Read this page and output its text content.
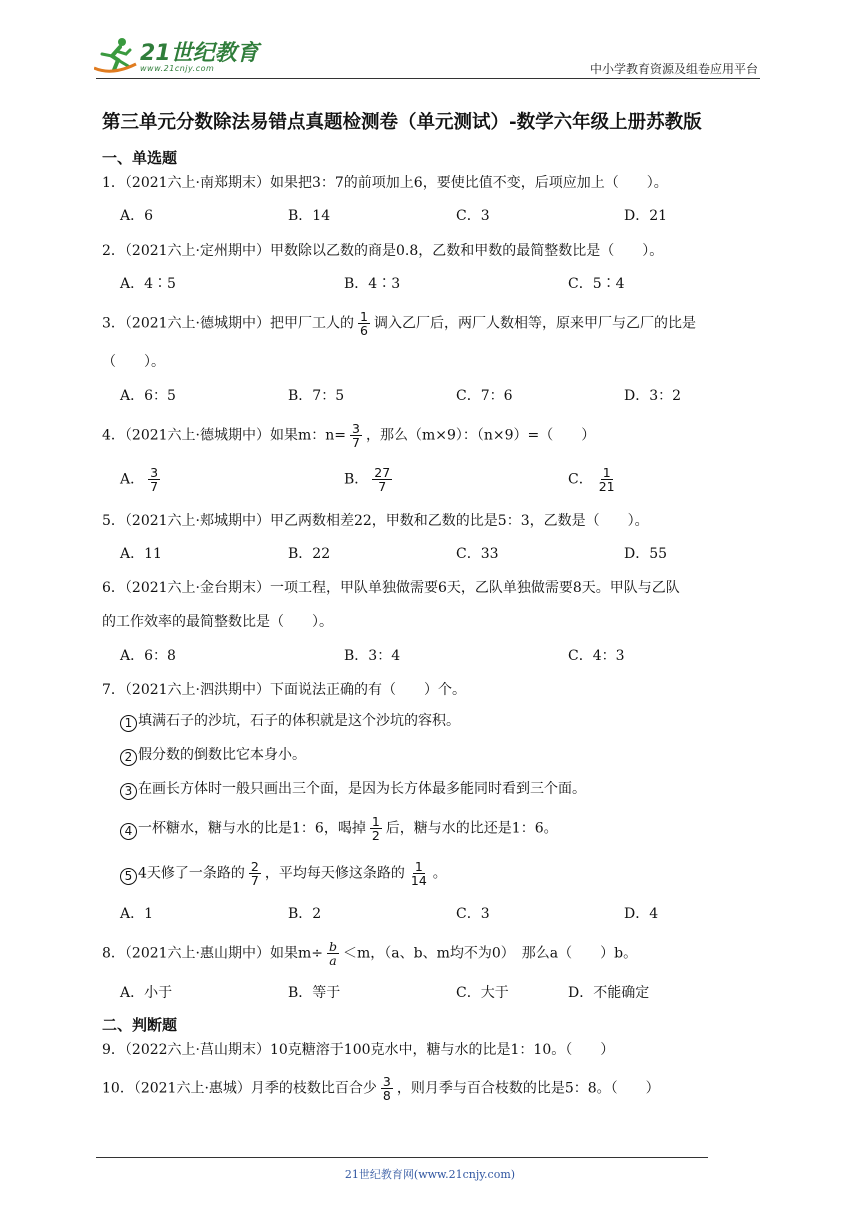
21世纪教育
www.21cnjy.com	中小学教育资源及组卷应用平台
第三单元分数除法易错点真题检测卷（单元测试）-数学六年级上册苏教版
一、单选题
1．（2021六上·南郑期末）如果把3：7的前项加上6，要使比值不变，后项应加上（　　）。
A．6	B．14	C．3	D．21
2．（2021六上·定州期中）甲数除以乙数的商是0.8，乙数和甲数的最简整数比是（　　）。
A．4∶5	B．4∶3	C．5∶4
3．（2021六上·德城期中）把甲厂工人的 $\frac{1}{6}$ 调入乙厂后，两厂人数相等，原来甲厂与乙厂的比是
（　　）。
A．6：5	B．7：5	C．7：6	D．3：2
4．（2021六上·德城期中）如果m：$n= \frac{3}{7}$ ，那么（m×9）：（n×9）=（　　）
A． $\frac{3}{7}$	B． $\frac{27}{7}$	C． $\frac{1}{21}$
5．（2021六上·郏城期中）甲乙两数相差22，甲数和乙数的比是5：3，乙数是（　　）。
A．11	B．22	C．33	D．55
6．（2021六上·金台期末）一项工程，甲队单独做需要6天，乙队单独做需要8天。甲队与乙队
的工作效率的最简整数比是（　　）。
A．6：8	B．3：4	C．4：3
7．（2021六上·泗洪期中）下面说法正确的有（　　）个。
1 填满石子的沙坑，石子的体积就是这个沙坑的容积。
2 假分数的倒数比它本身小。
3 在画长方体时一般只画出三个面，是因为长方体最多能同时看到三个面。
4 一杯糖水，糖与水的比是1：6，喝掉 $\frac{1}{2}$ 后，糖与水的比还是1：6。
5 4天修了一条路的 $\frac{2}{7}$ ，平均每天修这条路的 $\frac{1}{14}$ 。
A．1	B．2	C．3	D．4
8．（2021六上·惠山期中）如果$m\div \frac{b}{a} <m$，（a、b、m均不为0）　那么a（　　）b。
A．小于	B．等于	C．大于	D．不能确定
二、判断题
9．（2022六上·莒山期末）10克糖溶于100克水中，糖与水的比是1：10。（　　）
10．（2021六上·惠城）月季的枝数比百合少 $\frac{3}{8}$ ，则月季与百合枝数的比是5：8。（　　）
21世纪教育网(www.21cnjy.com)
